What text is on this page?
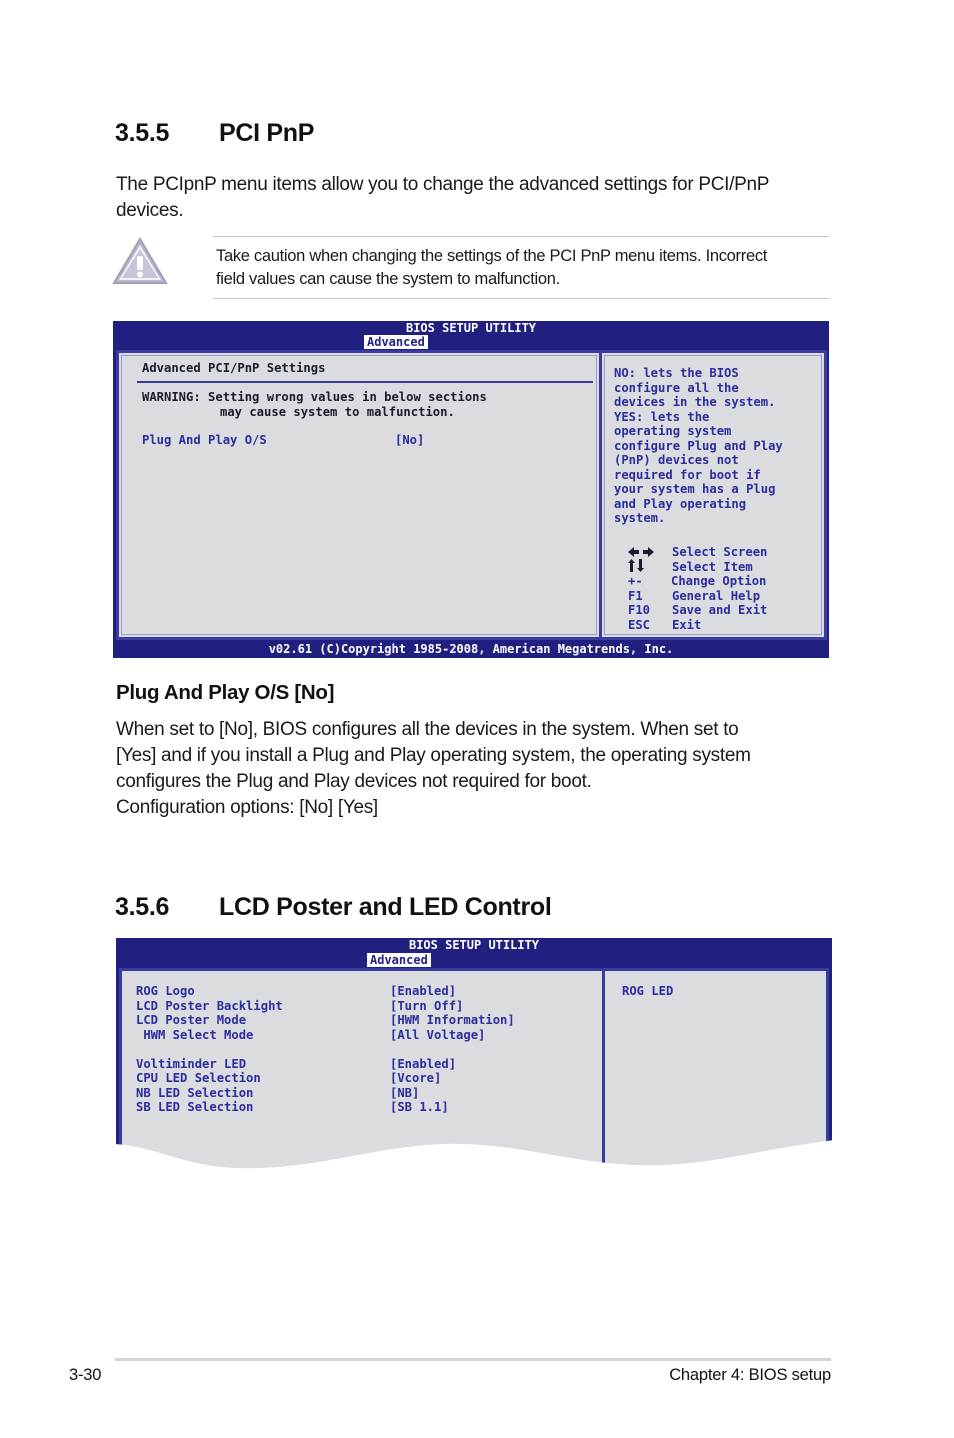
3.5.5 PCI PnP

The PCIpnP menu items allow you to change the advanced settings for PCI/PnP
devices.

Take caution when changing the settings of the PCI PnP menu items. Incorrect
field values can cause the system to malfunction.

BIOS SETUP UTILITY
Advanced
Advanced PCI/PnP Settings
WARNING: Setting wrong values in below sections
may cause system to malfunction.
Plug And Play O/S	[No]
NO: lets the BIOS
configure all the
devices in the system.
YES: lets the
operating system
configure Plug and Play
(PnP) devices not
required for boot if
your system has a Plug
and Play operating
system.
Select Screen
Select Item
+- Change Option
F1 General Help
F10 Save and Exit
ESC Exit
v02.61 (C)Copyright 1985-2008, American Megatrends, Inc.
Plug And Play O/S [No]

When set to [No], BIOS configures all the devices in the system. When set to
[Yes] and if you install a Plug and Play operating system, the operating system
configures the Plug and Play devices not required for boot.
Configuration options: [No] [Yes]

3.5.6 LCD Poster and LED Control
BIOS SETUP UTILITY
Advanced
ROG Logo	[Enabled]
LCD Poster Backlight	[Turn Off]
LCD Poster Mode	[HWM Information]
HWM Select Mode	[All Voltage]
Voltiminder LED	[Enabled]
CPU LED Selection	[Vcore]
NB LED Selection	[NB]
SB LED Selection	[SB 1.1]
ROG LED
3-30	Chapter 4: BIOS setup
